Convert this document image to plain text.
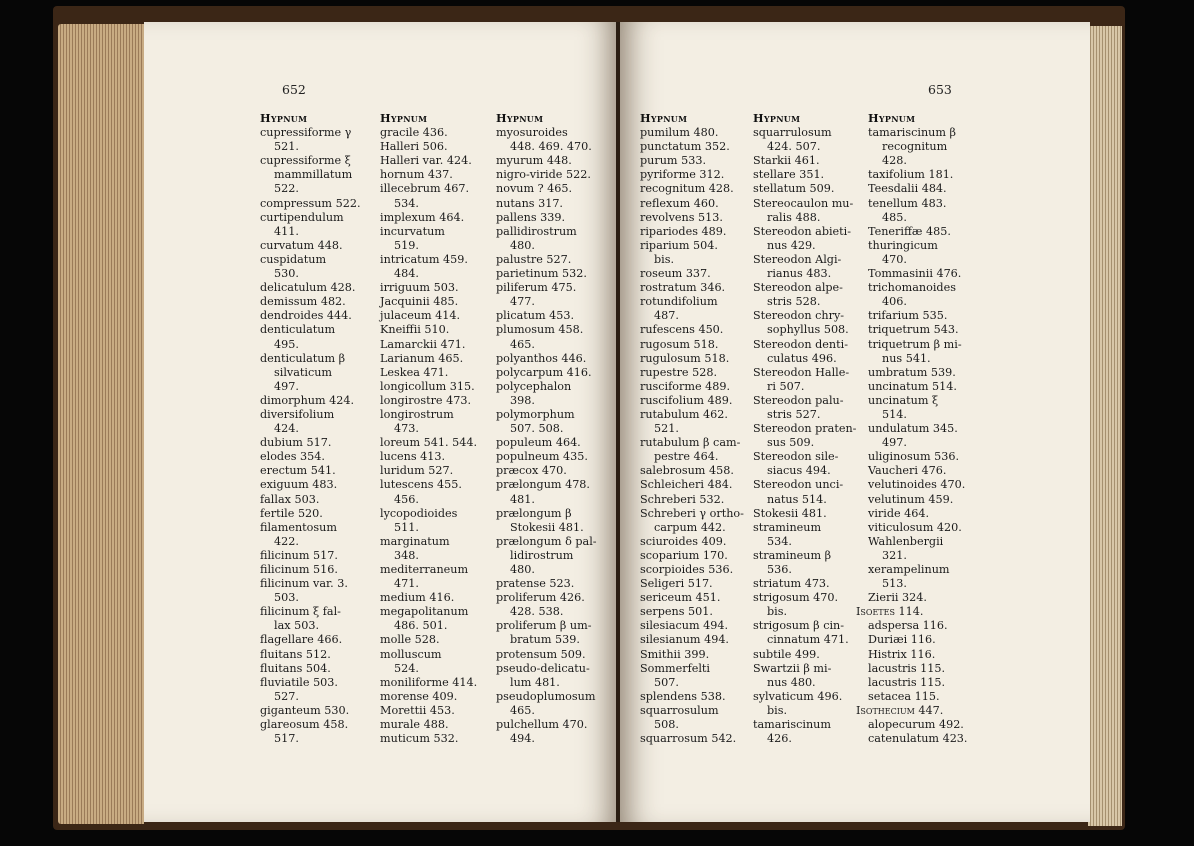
652
Hypnum
cupressiforme γ
521.
cupressiforme ξ
mammillatum
522.
compressum 522.
curtipendulum
411.
curvatum 448.
cuspidatum
530.
delicatulum 428.
demissum 482.
dendroides 444.
denticulatum
495.
denticulatum β
silvaticum
497.
dimorphum 424.
diversifolium
424.
dubium 517.
elodes 354.
erectum 541.
exiguum 483.
fallax 503.
fertile 520.
filamentosum
422.
filicinum 517.
filicinum 516.
filicinum var. 3.
503.
filicinum ξ fal-
lax 503.
flagellare 466.
fluitans 512.
fluitans 504.
fluviatile 503.
527.
giganteum 530.
glareosum 458.
517.
Hypnum
gracile 436.
Halleri 506.
Halleri var. 424.
hornum 437.
illecebrum 467.
534.
implexum 464.
incurvatum
519.
intricatum 459.
484.
irriguum 503.
Jacquinii 485.
julaceum 414.
Kneiffii 510.
Lamarckii 471.
Larianum 465.
Leskea 471.
longicollum 315.
longirostre 473.
longirostrum
473.
loreum 541. 544.
lucens 413.
luridum 527.
lutescens 455.
456.
lycopodioides
511.
marginatum
348.
mediterraneum
471.
medium 416.
megapolitanum
486. 501.
molle 528.
molluscum
524.
moniliforme 414.
morense 409.
Morettii 453.
murale 488.
muticum 532.
Hypnum
myosuroides
448. 469. 470.
myurum 448.
nigro-viride 522.
novum ? 465.
nutans 317.
pallens 339.
pallidirostrum
480.
palustre 527.
parietinum 532.
piliferum 475.
477.
plicatum 453.
plumosum 458.
465.
polyanthos 446.
polycarpum 416.
polycephalon
398.
polymorphum
507. 508.
populeum 464.
populneum 435.
præcox 470.
prælongum 478.
481.
prælongum β
Stokesii 481.
prælongum δ pal-
lidirostrum
480.
pratense 523.
proliferum 426.
428. 538.
proliferum β um-
bratum 539.
protensum 509.
pseudo-delicatu-
lum 481.
pseudoplumosum
465.
pulchellum 470.
494.
653
Hypnum
pumilum 480.
punctatum 352.
purum 533.
pyriforme 312.
recognitum 428.
reflexum 460.
revolvens 513.
ripariodes 489.
riparium 504.
bis.
roseum 337.
rostratum 346.
rotundifolium
487.
rufescens 450.
rugosum 518.
rugulosum 518.
rupestre 528.
rusciforme 489.
ruscifolium 489.
rutabulum 462.
521.
rutabulum β cam-
pestre 464.
salebrosum 458.
Schleicheri 484.
Schreberi 532.
Schreberi γ ortho-
carpum 442.
sciuroides 409.
scoparium 170.
scorpioides 536.
Seligeri 517.
sericeum 451.
serpens 501.
silesiacum 494.
silesianum 494.
Smithii 399.
Sommerfelti
507.
splendens 538.
squarrosulum
508.
squarrosum 542.
Hypnum
squarrulosum
424. 507.
Starkii 461.
stellare 351.
stellatum 509.
Stereocaulon mu-
ralis 488.
Stereodon abieti-
nus 429.
Stereodon Algi-
rianus 483.
Stereodon alpe-
stris 528.
Stereodon chry-
sophyllus 508.
Stereodon denti-
culatus 496.
Stereodon Halle-
ri 507.
Stereodon palu-
stris 527.
Stereodon praten-
sus 509.
Stereodon sile-
siacus 494.
Stereodon unci-
natus 514.
Stokesii 481.
stramineum
534.
stramineum β
536.
striatum 473.
strigosum 470.
bis.
strigosum β cin-
cinnatum 471.
subtile 499.
Swartzii β mi-
nus 480.
sylvaticum 496.
bis.
tamariscinum
426.
Hypnum
tamariscinum β
recognitum
428.
taxifolium 181.
Teesdalii 484.
tenellum 483.
485.
Teneriffæ 485.
thuringicum
470.
Tommasinii 476.
trichomanoides
406.
trifarium 535.
triquetrum 543.
triquetrum β mi-
nus 541.
umbratum 539.
uncinatum 514.
uncinatum ξ
514.
undulatum 345.
497.
uliginosum 536.
Vaucheri 476.
velutinoides 470.
velutinum 459.
viride 464.
viticulosum 420.
Wahlenbergii
321.
xerampelinum
513.
Zierii 324.
Isoetes 114.
adspersa 116.
Duriæi 116.
Histrix 116.
lacustris 115.
lacustris 115.
setacea 115.
Isothecium 447.
alopecurum 492.
catenulatum 423.
